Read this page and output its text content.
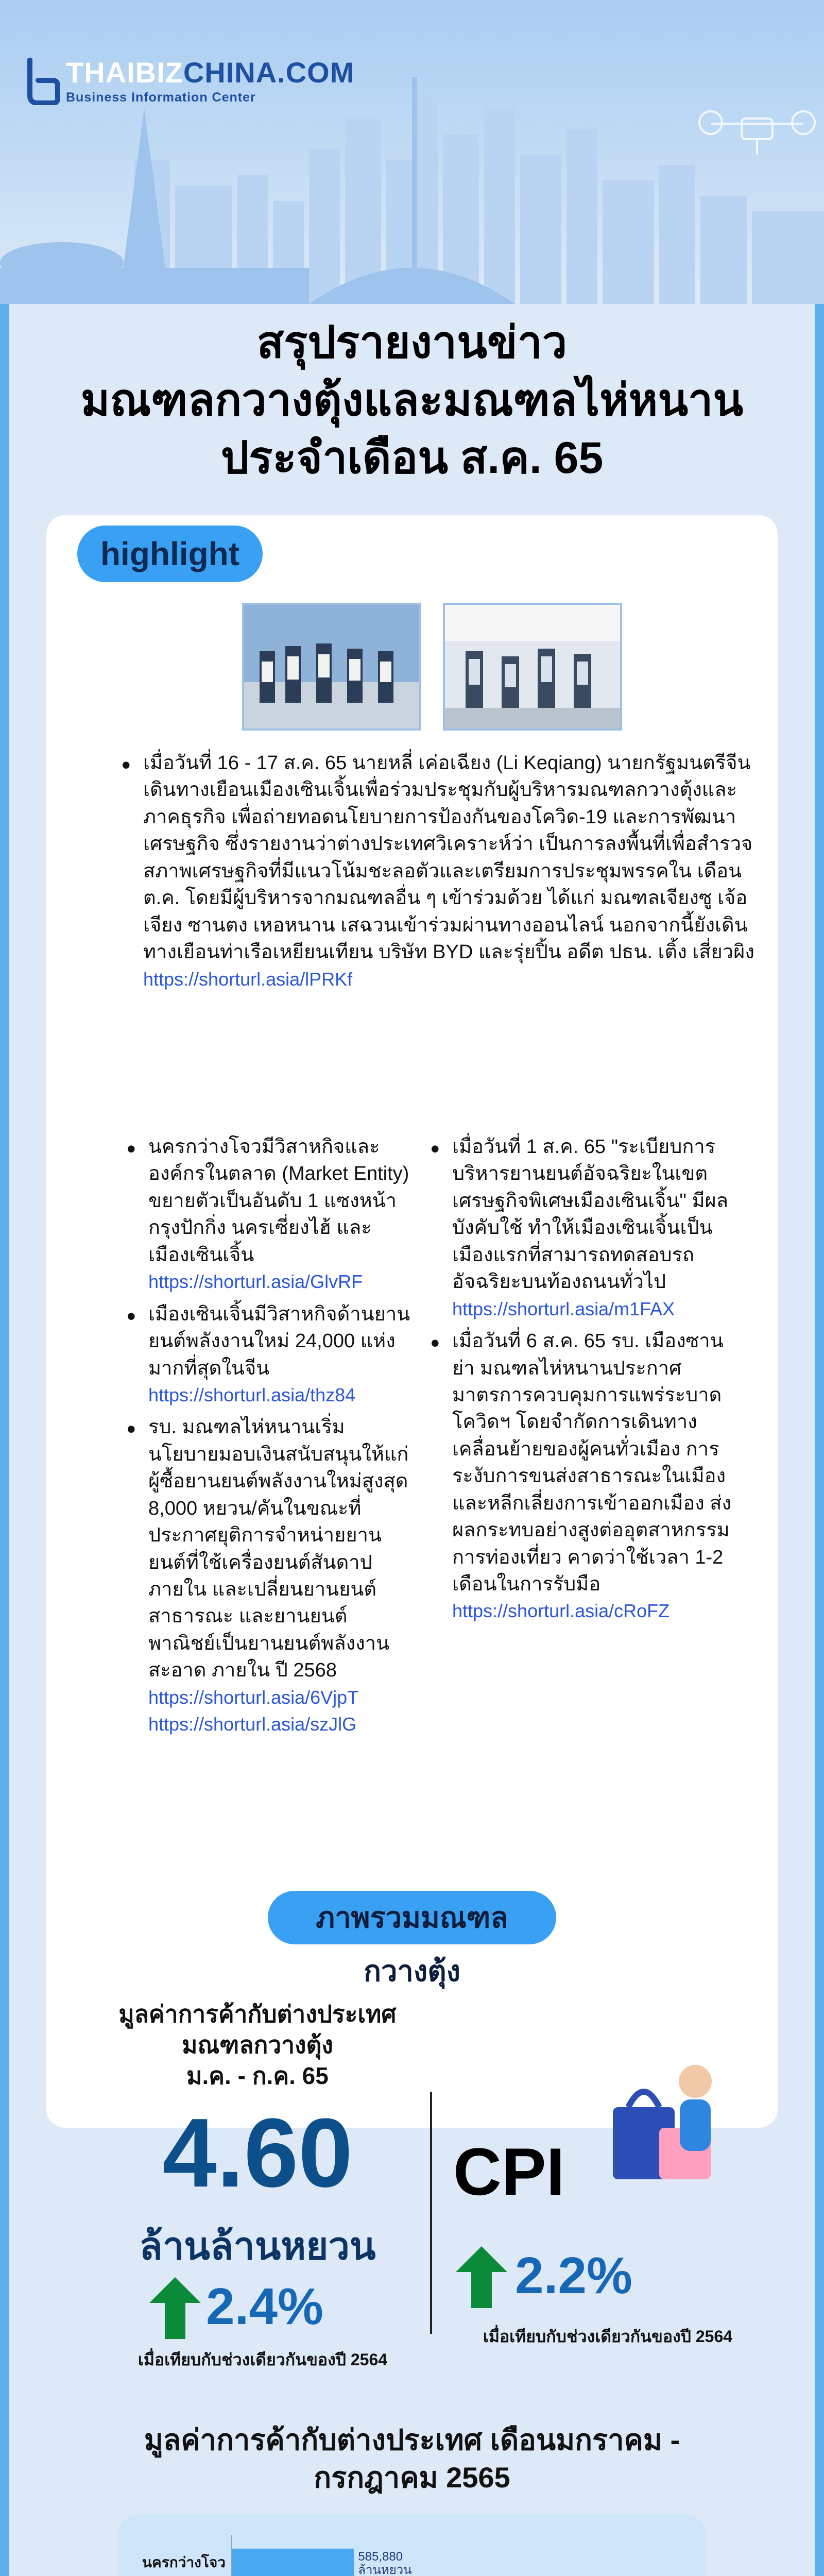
THAIBIZCHINA.COM
Business Information Center
สรุปรายงานข่าว
มณฑลกวางตุ้งและมณฑลไห่หนาน
ประจำเดือน ส.ค. 65
highlight
• เมื่อวันที่ 16 - 17 ส.ค. 65 นายหลี่ เค่อเฉียง (Li Keqiang) นายกรัฐมนตรีจีน เดินทางเยือนเมืองเซินเจิ้นเพื่อร่วมประชุมกับผู้บริหารมณฑลกวางตุ้งและภาคธุรกิจ เพื่อถ่ายทอดนโยบายการป้องกันของโควิด-19 และการพัฒนาเศรษฐกิจ ซึ่งรายงานว่าต่างประเทศวิเคราะห์ว่า เป็นการลงพื้นที่เพื่อสำรวจสภาพเศรษฐกิจที่มีแนวโน้มชะลอตัวและเตรียมการประชุมพรรคใน เดือน ต.ค. โดยมีผู้บริหารจากมณฑลอื่น ๆ เข้าร่วมด้วย ได้แก่ มณฑลเจียงซู เจ้อเจียง ซานตง เหอหนาน เสฉวนเข้าร่วมผ่านทางออนไลน์ นอกจากนี้ยังเดินทางเยือนท่าเรือเหยียนเทียน บริษัท BYD และรุ่ยปิ้น อดีต ปธน. เติ้ง เสี่ยวผิง https://shorturl.asia/lPRKf
• นครกว่างโจวมีวิสาหกิจและองค์กรในตลาด (Market Entity) ขยายตัวเป็นอันดับ 1 แซงหน้า กรุงปักกิ่ง นครเซี่ยงไฮ้ และเมืองเซินเจิ้น
https://shorturl.asia/GlvRF
• เมืองเซินเจิ้นมีวิสาหกิจด้านยานยนต์พลังงานใหม่ 24,000 แห่ง มากที่สุดในจีน
https://shorturl.asia/thz84
• รบ. มณฑลไห่หนานเริ่มนโยบายมอบเงินสนับสนุนให้แก่ผู้ซื้อยานยนต์พลังงานใหม่สูงสุด 8,000 หยวน/คันในขณะที่ ประกาศยุติการจำหน่ายยานยนต์ที่ใช้เครื่องยนต์สันดาปภายใน และเปลี่ยนยานยนต์สาธารณะ และยานยนต์พาณิชย์เป็นยานยนต์พลังงานสะอาด ภายใน ปี 2568
https://shorturl.asia/6VjpT
https://shorturl.asia/szJlG
• เมื่อวันที่ 1 ส.ค. 65 "ระเบียบการบริหารยานยนต์อัจฉริยะในเขตเศรษฐกิจพิเศษเมืองเซินเจิ้น" มีผลบังคับใช้ ทำให้เมืองเซินเจิ้นเป็นเมืองแรกที่สามารถทดสอบรถอัจฉริยะบนท้องถนนทั่วไป
https://shorturl.asia/m1FAX
• เมื่อวันที่ 6 ส.ค. 65 รบ. เมืองซานย่า มณฑลไห่หนานประกาศมาตรการควบคุมการแพร่ระบาดโควิดฯ โดยจำกัดการเดินทาง เคลื่อนย้ายของผู้คนทั่วเมือง การระงับการขนส่งสาธารณะในเมือง และหลีกเลี่ยงการเข้าออกเมือง ส่งผลกระทบอย่างสูงต่ออุตสาหกรรมการท่องเที่ยว คาดว่าใช้เวลา 1-2 เดือนในการรับมือ
https://shorturl.asia/cRoFZ
ภาพรวมมณฑลกวางตุ้ง
มูลค่าการค้ากับต่างประเทศ
มณฑลกวางตุ้ง
ม.ค. - ก.ค. 65
4.60
ล้านล้านหยวน
2.4%
เมื่อเทียบกับช่วงเดียวกันของปี 2564
CPI
2.2%
เมื่อเทียบกับช่วงเดียวกันของปี 2564
มูลค่าการค้ากับต่างประเทศ เดือนมกราคม - กรกฎาคม 2565
นครกว่างโจว	585,880 ล้านหยวน
